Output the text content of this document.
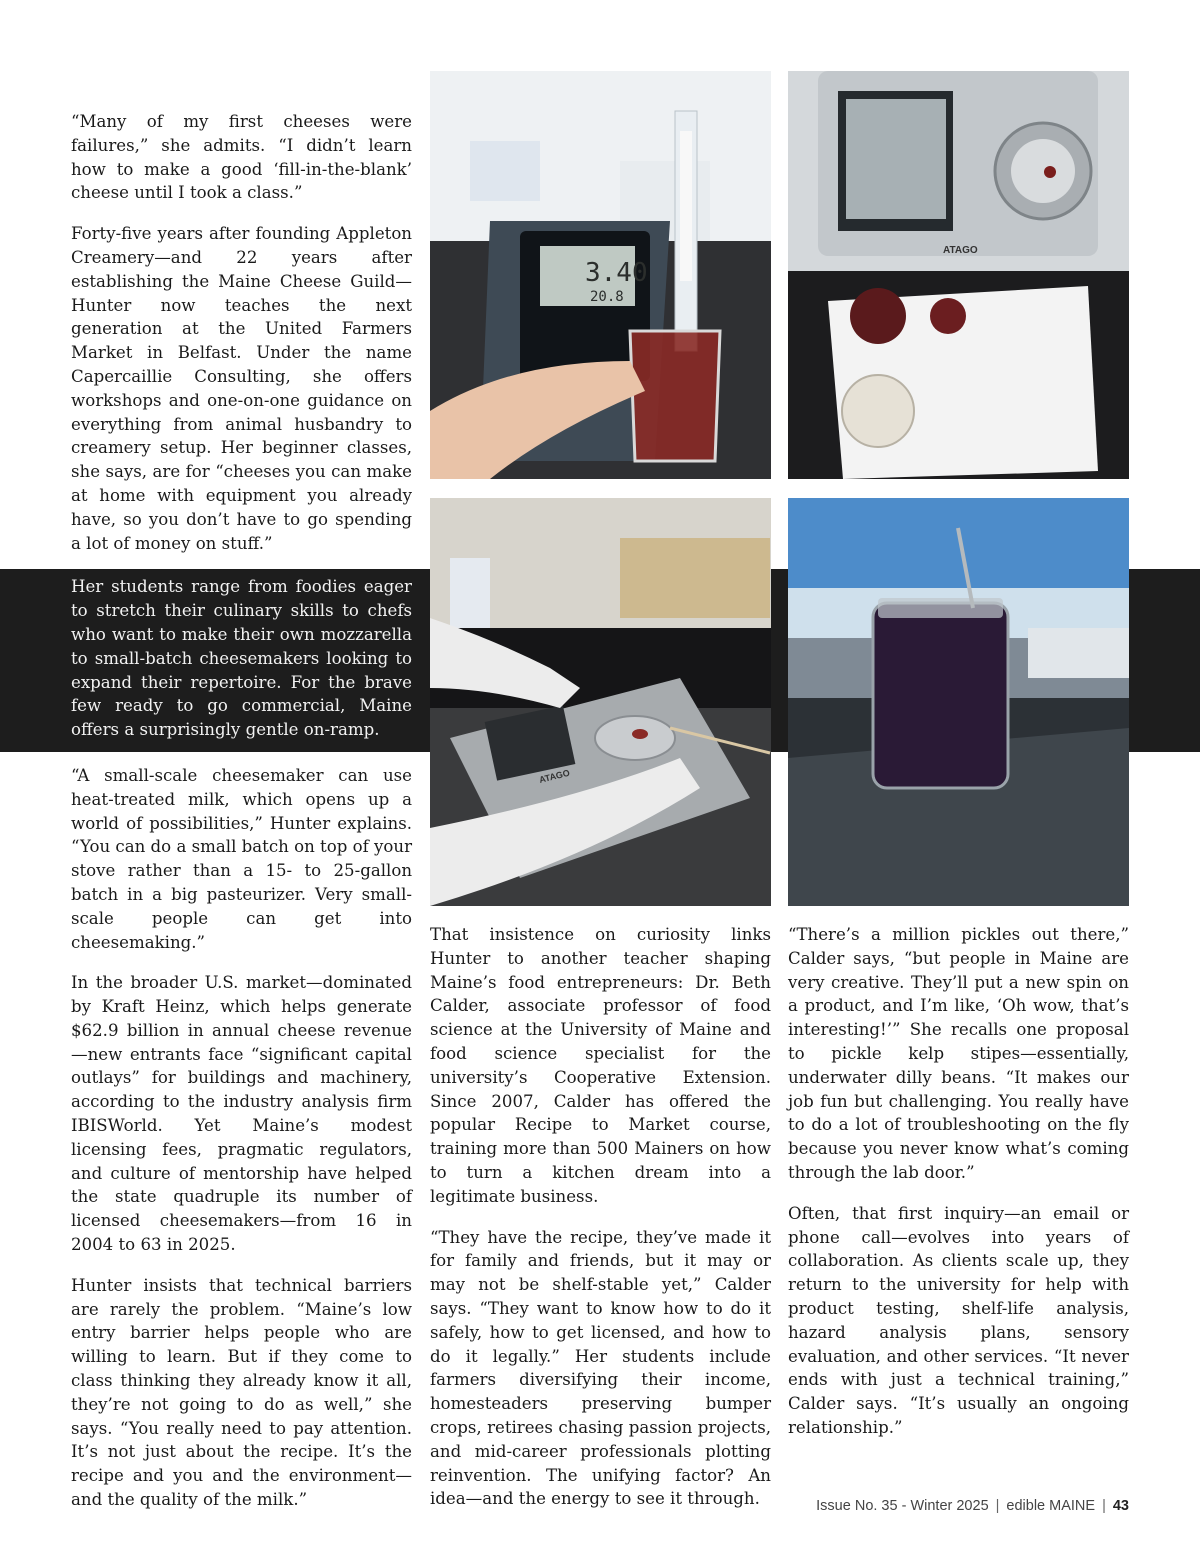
“Many of my first cheeses were failures,” she admits. “I didn’t learn how to make a good ‘fill-in-the-blank’ cheese until I took a class.”

Forty-five years after founding Appleton Creamery—and 22 years after establishing the Maine Cheese Guild—Hunter now teaches the next generation at the United Farmers Market in Belfast. Under the name Capercaillie Consulting, she offers workshops and one-on-one guidance on everything from animal husbandry to creamery setup. Her beginner classes, she says, are for “cheeses you can make at home with equipment you already have, so you don’t have to go spending a lot of money on stuff.”

Her students range from foodies eager to stretch their culinary skills to chefs who want to make their own mozzarella to small-batch cheesemakers looking to expand their repertoire. For the brave few ready to go commercial, Maine offers a surprisingly gentle on-ramp.

“A small-scale cheesemaker can use heat-treated milk, which opens up a world of possibilities,” Hunter explains. “You can do a small batch on top of your stove rather than a 15- to 25-gallon batch in a big pasteurizer. Very small-scale people can get into cheesemaking.”

In the broader U.S. market—dominated by Kraft Heinz, which helps generate $62.9 billion in annual cheese revenue—new entrants face “significant capital outlays” for buildings and machinery, according to the industry analysis firm IBISWorld. Yet Maine’s modest licensing fees, pragmatic regulators, and culture of mentorship have helped the state quadruple its number of licensed cheesemakers—from 16 in 2004 to 63 in 2025.

Hunter insists that technical barriers are rarely the problem. “Maine’s low entry barrier helps people who are willing to learn. But if they come to class thinking they already know it all, they’re not going to do as well,” she says. “You really need to pay attention. It’s not just about the recipe. It’s the recipe and you and the environment—and the quality of the milk.”

3.40
20.8
ATAGO
ATAGO

That insistence on curiosity links Hunter to another teacher shaping Maine’s food entrepreneurs: Dr. Beth Calder, associate professor of food science at the University of Maine and food science specialist for the university’s Cooperative Extension. Since 2007, Calder has offered the popular Recipe to Market course, training more than 500 Mainers on how to turn a kitchen dream into a legitimate business.

“They have the recipe, they’ve made it for family and friends, but it may or may not be shelf-stable yet,” Calder says. “They want to know how to do it safely, how to get licensed, and how to do it legally.” Her students include farmers diversifying their income, homesteaders preserving bumper crops, retirees chasing passion projects, and mid-career professionals plotting reinvention. The unifying factor? An idea—and the energy to see it through.

“There’s a million pickles out there,” Calder says, “but people in Maine are very creative. They’ll put a new spin on a product, and I’m like, ‘Oh wow, that’s interesting!’” She recalls one proposal to pickle kelp stipes—essentially, underwater dilly beans. “It makes our job fun but challenging. You really have to do a lot of troubleshooting on the fly because you never know what’s coming through the lab door.”

Often, that first inquiry—an email or phone call—evolves into years of collaboration. As clients scale up, they return to the university for help with product testing, shelf-life analysis, hazard analysis plans, sensory evaluation, and other services. “It never ends with just a technical training,” Calder says. “It’s usually an ongoing relationship.”

Issue No. 35 - Winter 2025 | edible MAINE | 43
